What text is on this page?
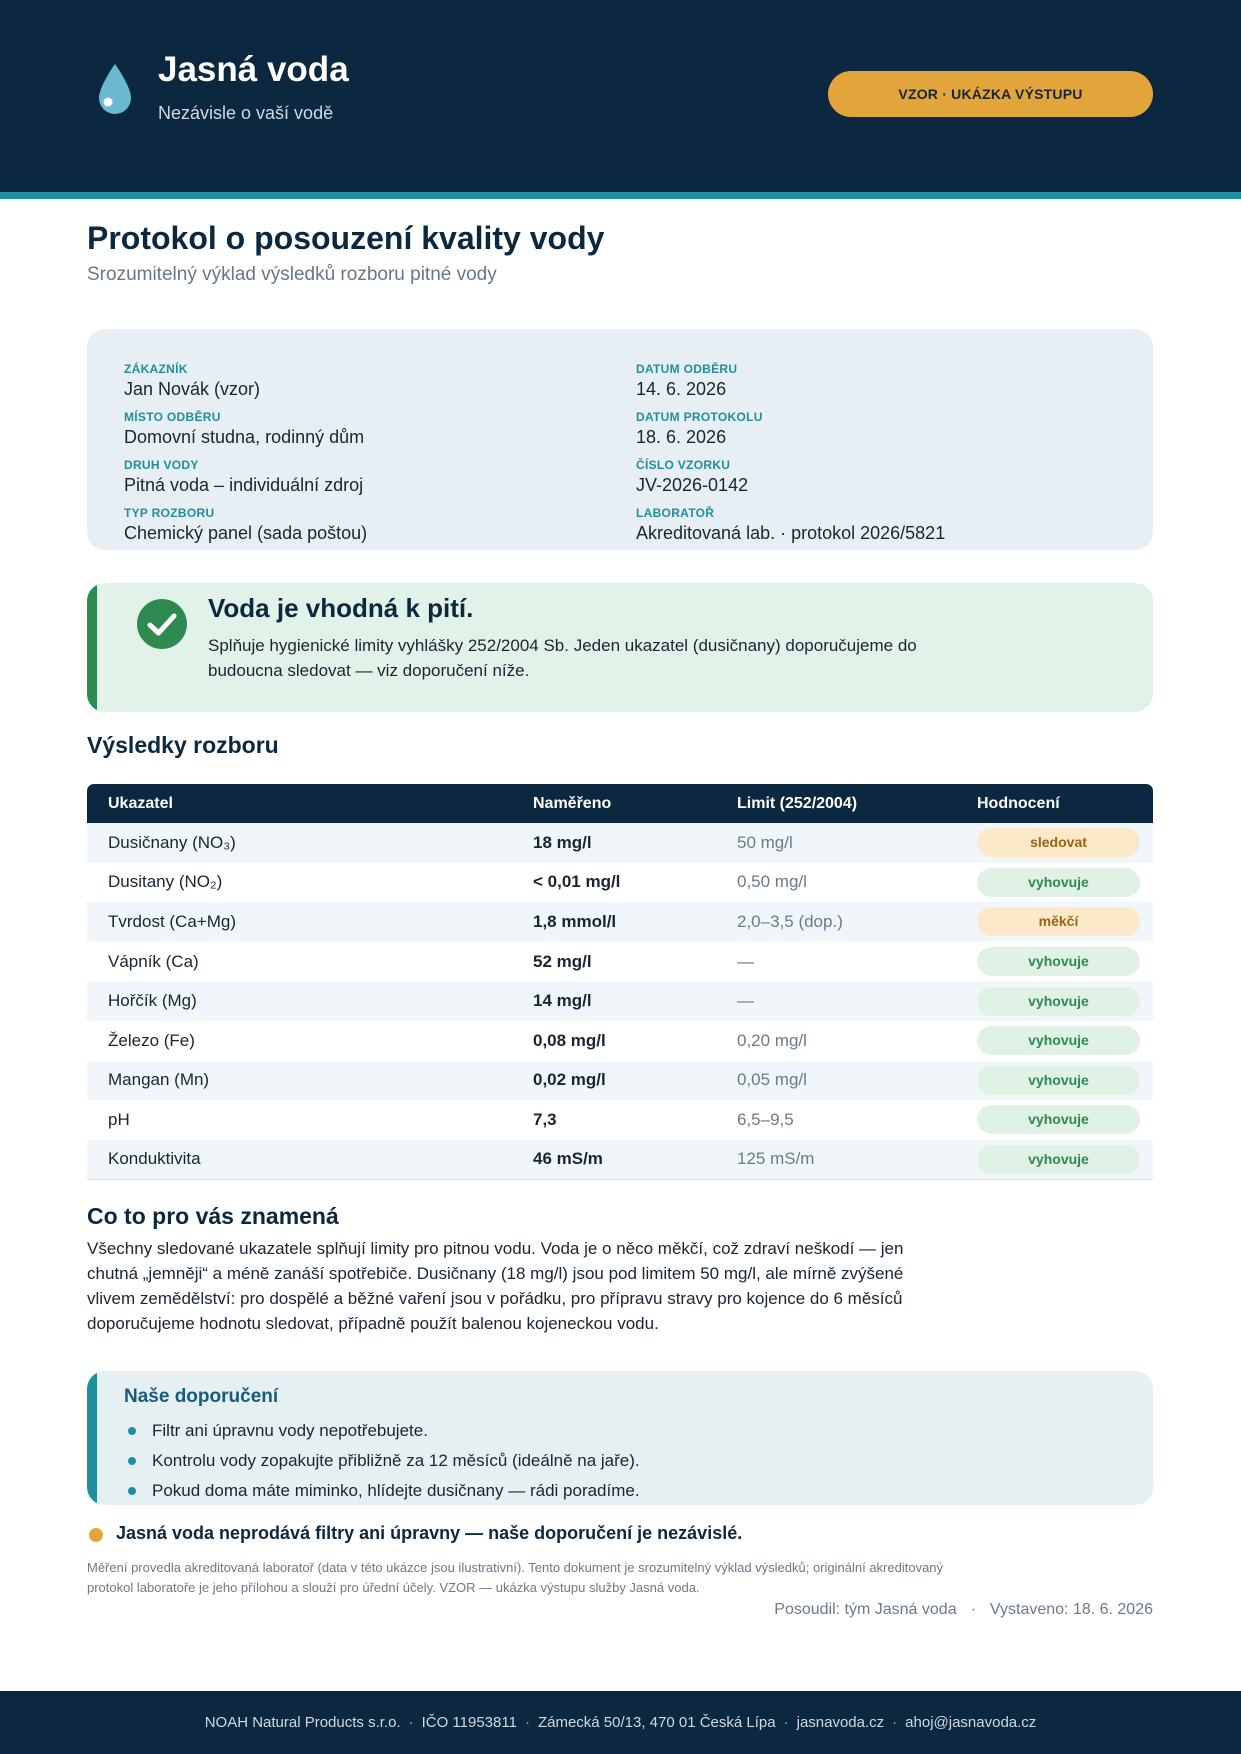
Jasná voda
Nezávisle o vaší vodě
VZOR · UKÁZKA VÝSTUPU
Protokol o posouzení kvality vody
Srozumitelný výklad výsledků rozboru pitné vody
ZÁKAZNÍK
Jan Novák (vzor)
MÍSTO ODBĚRU
Domovní studna, rodinný dům
DRUH VODY
Pitná voda – individuální zdroj
TYP ROZBORU
Chemický panel (sada poštou)
DATUM ODBĚRU
14. 6. 2026
DATUM PROTOKOLU
18. 6. 2026
ČÍSLO VZORKU
JV-2026-0142
LABORATOŘ
Akreditovaná lab. · protokol 2026/5821
Voda je vhodná k pití.
Splňuje hygienické limity vyhlášky 252/2004 Sb. Jeden ukazatel (dusičnany) doporučujeme do budoucna sledovat — viz doporučení níže.
Výsledky rozboru
Ukazatel	Naměřeno	Limit (252/2004)	Hodnocení
Dusičnany (NO₃)	18 mg/l	50 mg/l	sledovat
Dusitany (NO₂)	< 0,01 mg/l	0,50 mg/l	vyhovuje
Tvrdost (Ca+Mg)	1,8 mmol/l	2,0–3,5 (dop.)	měkčí
Vápník (Ca)	52 mg/l	—	vyhovuje
Hořčík (Mg)	14 mg/l	—	vyhovuje
Železo (Fe)	0,08 mg/l	0,20 mg/l	vyhovuje
Mangan (Mn)	0,02 mg/l	0,05 mg/l	vyhovuje
pH	7,3	6,5–9,5	vyhovuje
Konduktivita	46 mS/m	125 mS/m	vyhovuje
Co to pro vás znamená

Všechny sledované ukazatele splňují limity pro pitnou vodu. Voda je o něco měkčí, což zdraví neškodí — jen chutná „jemněji“ a méně zanáší spotřebiče. Dusičnany (18 mg/l) jsou pod limitem 50 mg/l, ale mírně zvýšené vlivem zemědělství: pro dospělé a běžné vaření jsou v pořádku, pro přípravu stravy pro kojence do 6 měsíců doporučujeme hodnotu sledovat, případně použít balenou kojeneckou vodu.

Naše doporučení
Filtr ani úpravnu vody nepotřebujete.
Kontrolu vody zopakujte přibližně za 12 měsíců (ideálně na jaře).
Pokud doma máte miminko, hlídejte dusičnany — rádi poradíme.
Jasná voda neprodává filtry ani úpravny — naše doporučení je nezávislé.

Měření provedla akreditovaná laboratoř (data v této ukázce jsou ilustrativní). Tento dokument je srozumitelný výklad výsledků; originální akreditovaný protokol laboratoře je jeho přílohou a slouží pro úřední účely. VZOR — ukázka výstupu služby Jasná voda.

Posoudil: tým Jasná voda · Vystaveno: 18. 6. 2026
NOAH Natural Products s.r.o. · IČO 11953811 · Zámecká 50/13, 470 01 Česká Lípa · jasnavoda.cz · ahoj@jasnavoda.cz
